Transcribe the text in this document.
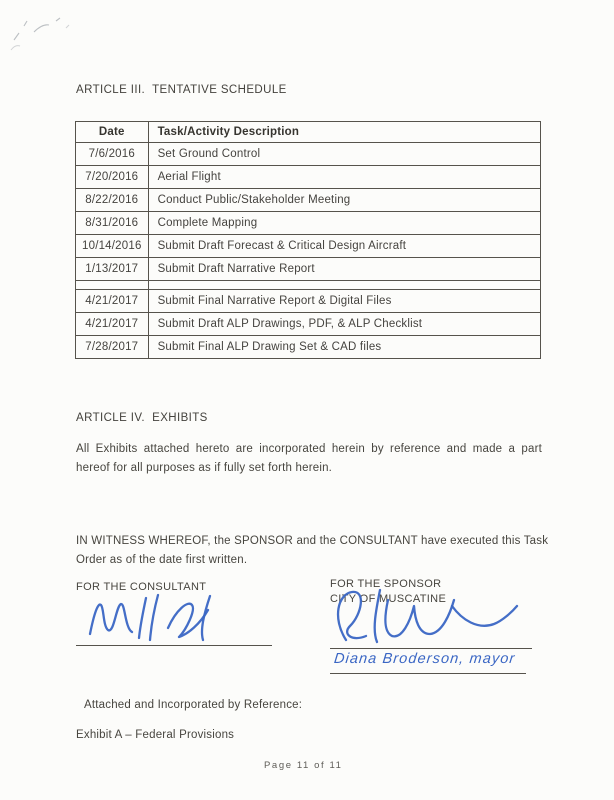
ARTICLE III.  TENTATIVE SCHEDULE
Date	Task/Activity Description
7/6/2016	Set Ground Control
7/20/2016	Aerial Flight
8/22/2016	Conduct Public/Stakeholder Meeting
8/31/2016	Complete Mapping
10/14/2016	Submit Draft Forecast & Critical Design Aircraft
1/13/2017	Submit Draft Narrative Report

4/21/2017	Submit Final Narrative Report & Digital Files
4/21/2017	Submit Draft ALP Drawings, PDF, & ALP Checklist
7/28/2017	Submit Final ALP Drawing Set & CAD files
ARTICLE IV.  EXHIBITS
All Exhibits attached hereto are incorporated herein by reference and made a part hereof for all purposes as if fully set forth herein.
IN WITNESS WHEREOF, the SPONSOR and the CONSULTANT have executed this Task Order as of the date first written.
FOR THE CONSULTANT	FOR THE SPONSOR
CITY OF MUSCATINE
Diana Broderson, mayor
Attached and Incorporated by Reference:
Exhibit A – Federal Provisions
Page 11 of 11
